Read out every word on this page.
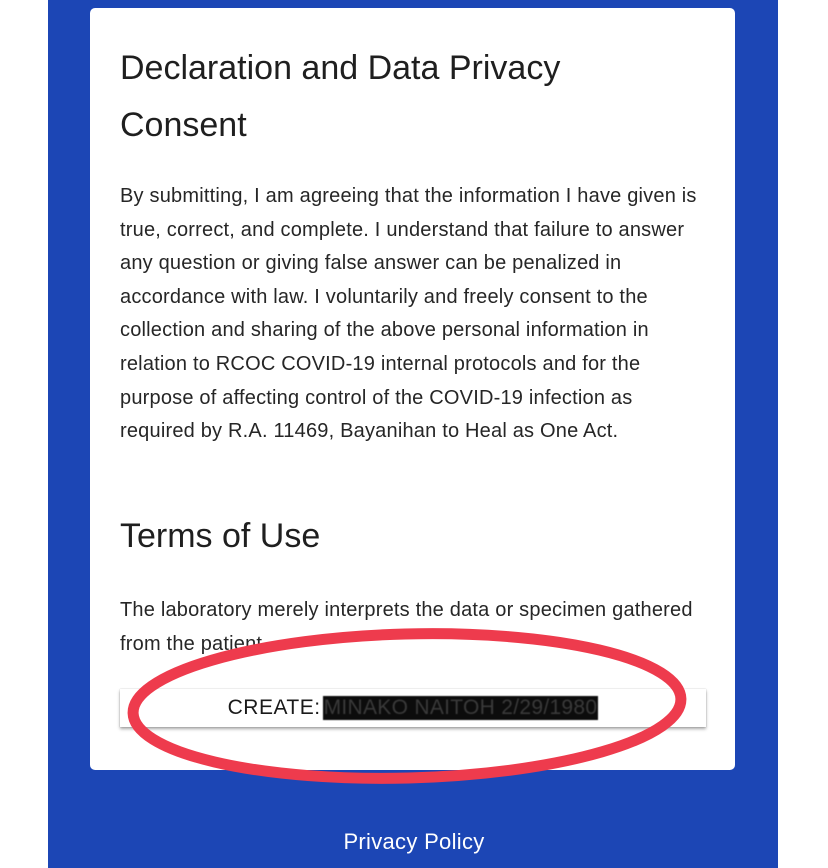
Declaration and Data Privacy Consent

By submitting, I am agreeing that the information I have given is true, correct, and complete. I understand that failure to answer any question or giving false answer can be penalized in accordance with law. I voluntarily and freely consent to the collection and sharing of the above personal information in relation to RCOC COVID-19 internal protocols and for the purpose of affecting control of the COVID-19 infection as required by R.A. 11469, Bayanihan to Heal as One Act.

Terms of Use

The laboratory merely interprets the data or specimen gathered from the patient.

CREATE: MINAKO NAITOH 2/29/1980
Privacy Policy
